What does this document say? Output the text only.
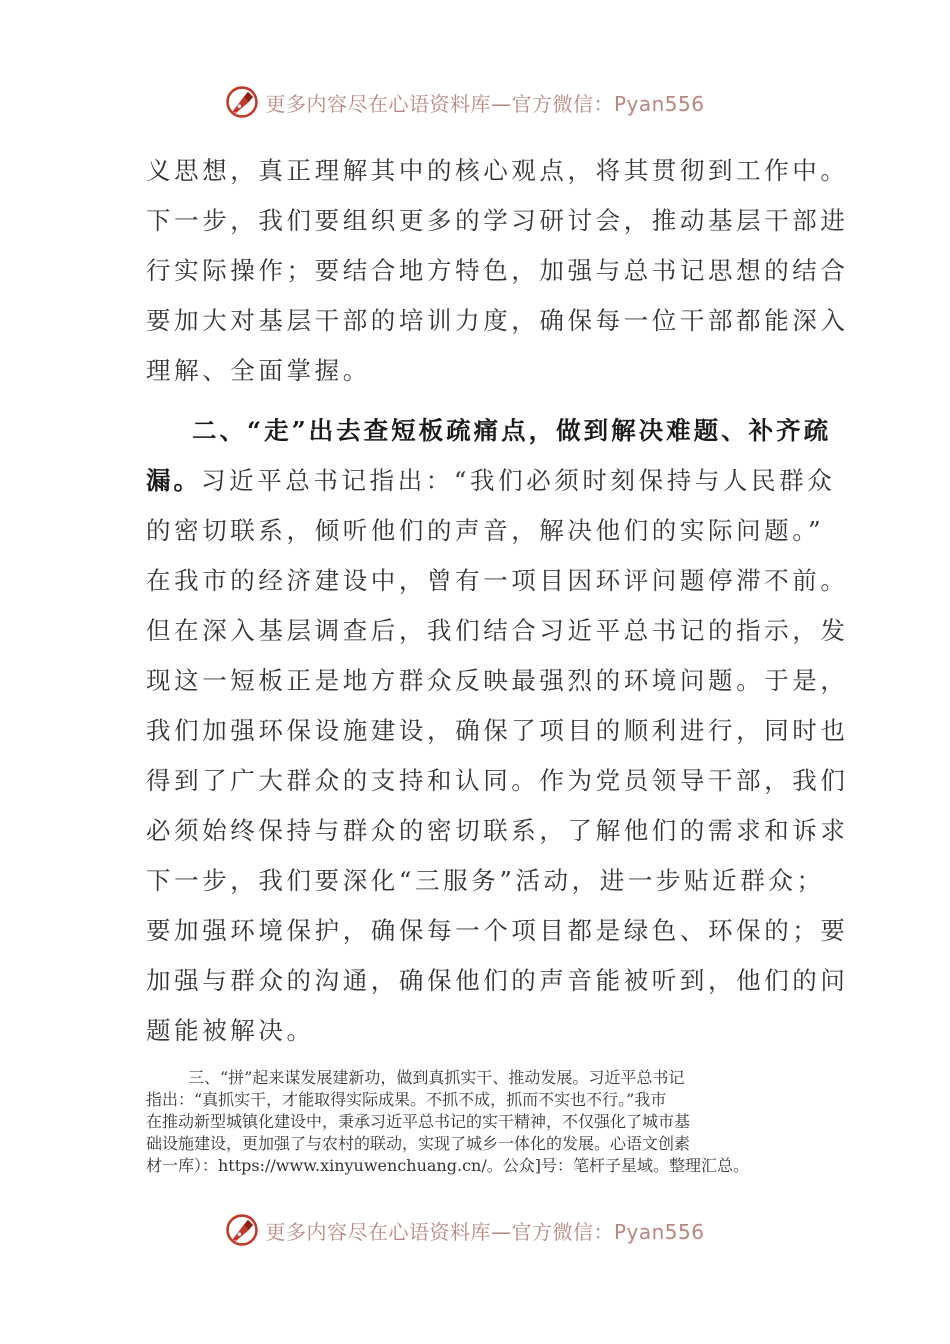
更多内容尽在心语资料库—官方微信：Pyan556
义思想，真正理解其中的核心观点，将其贯彻到工作中。
下一步，我们要组织更多的学习研讨会，推动基层干部进
行实际操作；要结合地方特色，加强与总书记思想的结合
要加大对基层干部的培训力度，确保每一位干部都能深入
理解、全面掌握。
二、“走”出去查短板疏痛点，做到解决难题、补齐疏
漏。习近平总书记指出：“我们必须时刻保持与人民群众
的密切联系，倾听他们的声音，解决他们的实际问题。”
在我市的经济建设中，曾有一项目因环评问题停滞不前。
但在深入基层调查后，我们结合习近平总书记的指示，发
现这一短板正是地方群众反映最强烈的环境问题。于是，
我们加强环保设施建设，确保了项目的顺利进行，同时也
得到了广大群众的支持和认同。作为党员领导干部，我们
必须始终保持与群众的密切联系，了解他们的需求和诉求
下一步，我们要深化“三服务”活动，进一步贴近群众；
要加强环境保护，确保每一个项目都是绿色、环保的；要
加强与群众的沟通，确保他们的声音能被听到，他们的问
题能被解决。
三、“拼”起来谋发展建新功，做到真抓实干、推动发展。习近平总书记
指出：“真抓实干，才能取得实际成果。不抓不成，抓而不实也不行。”我市
在推动新型城镇化建设中，秉承习近平总书记的实干精神，不仅强化了城市基
础设施建设，更加强了与农村的联动，实现了城乡一体化的发展。心语文创素
材一库）：https://www.xinyuwenchuang.cn/。公众]号：笔杆子星域。整理汇总。
更多内容尽在心语资料库—官方微信：Pyan556
